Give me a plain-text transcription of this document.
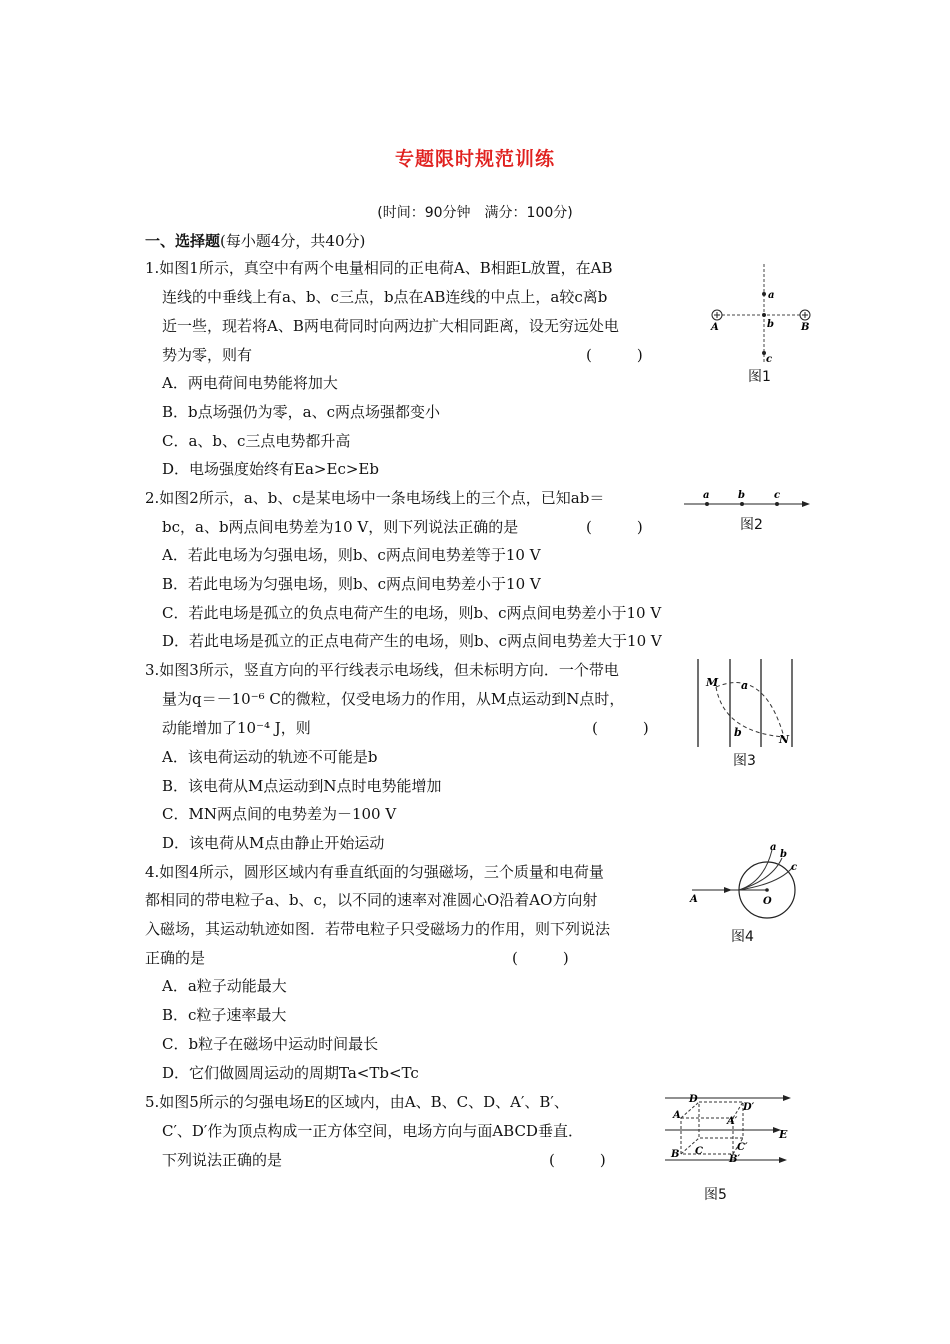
专题限时规范训练
(时间：90分钟　满分：100分)
一、选择题(每小题4分，共40分)
1.如图1所示，真空中有两个电量相同的正电荷A、B相距L放置，在AB
连线的中垂线上有a、b、c三点，b点在AB连线的中点上，a较c离b
近一些，现若将A、B两电荷同时向两边扩大相同距离，设无穷远处电
势为零，则有	(　　　)
A．两电荷间电势能将加大
B．b点场强仍为零，a、c两点场强都变小
C．a、b、c三点电势都升高
D．电场强度始终有Ea>Ec>Eb
a
b
c
A	B
图1
2.如图2所示，a、b、c是某电场中一条电场线上的三个点，已知ab＝
bc，a、b两点间电势差为10 V，则下列说法正确的是	(　　　)
A．若此电场为匀强电场，则b、c两点间电势差等于10 V
B．若此电场为匀强电场，则b、c两点间电势差小于10 V
C．若此电场是孤立的负点电荷产生的电场，则b、c两点间电势差小于10 V
D．若此电场是孤立的正点电荷产生的电场，则b、c两点间电势差大于10 V
a	b	c
图2
3.如图3所示，竖直方向的平行线表示电场线，但未标明方向．一个带电
量为q＝－10⁻⁶ C的微粒，仅受电场力的作用，从M点运动到N点时，
动能增加了10⁻⁴ J，则	(　　　)
A．该电荷运动的轨迹不可能是b
B．该电荷从M点运动到N点时电势能增加
C．MN两点间的电势差为－100 V
D．该电荷从M点由静止开始运动
M
N
a
b
图3
4.如图4所示，圆形区域内有垂直纸面的匀强磁场，三个质量和电荷量
都相同的带电粒子a、b、c，以不同的速率对准圆心O沿着AO方向射
入磁场，其运动轨迹如图．若带电粒子只受磁场力的作用，则下列说法
正确的是	(　　　)
A．a粒子动能最大
B．c粒子速率最大
C．b粒子在磁场中运动时间最长
D．它们做圆周运动的周期Ta<Tb<Tc
A	O
a
b
c
图4
5.如图5所示的匀强电场E的区域内，由A、B、C、D、A′、B′、
C′、D′作为顶点构成一正方体空间，电场方向与面ABCD垂直．
下列说法正确的是	(　　　)
D
D′
A
A′
C	C′
B	B′
E
图5
